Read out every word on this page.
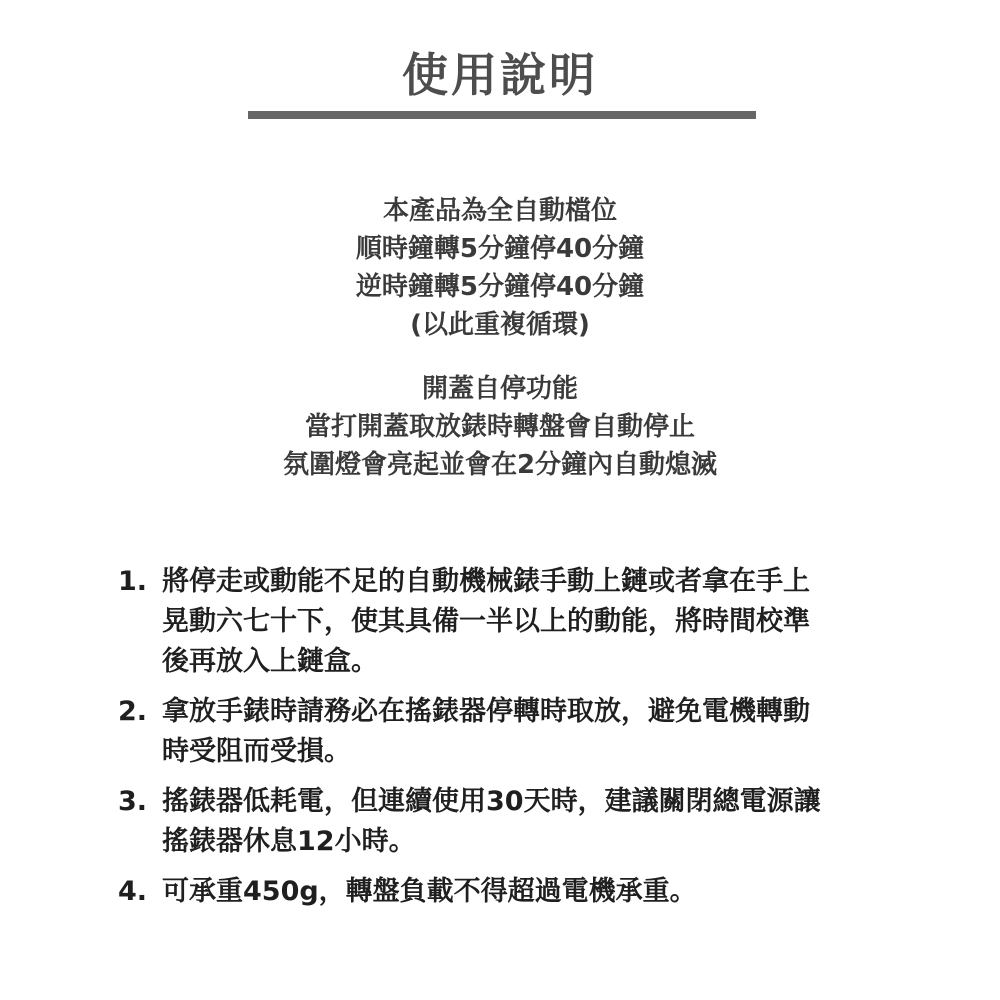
使用說明
本產品為全自動檔位
順時鐘轉5分鐘停40分鐘
逆時鐘轉5分鐘停40分鐘
(以此重複循環)
開蓋自停功能
當打開蓋取放錶時轉盤會自動停止
氛圍燈會亮起並會在2分鐘內自動熄滅
1. 將停走或動能不足的自動機械錶手動上鏈或者拿在手上
晃動六七十下，使其具備一半以上的動能，將時間校準
後再放入上鏈盒。
2. 拿放手錶時請務必在搖錶器停轉時取放，避免電機轉動
時受阻而受損。
3. 搖錶器低耗電，但連續使用30天時，建議關閉總電源讓
搖錶器休息12小時。
4. 可承重450g，轉盤負載不得超過電機承重。
